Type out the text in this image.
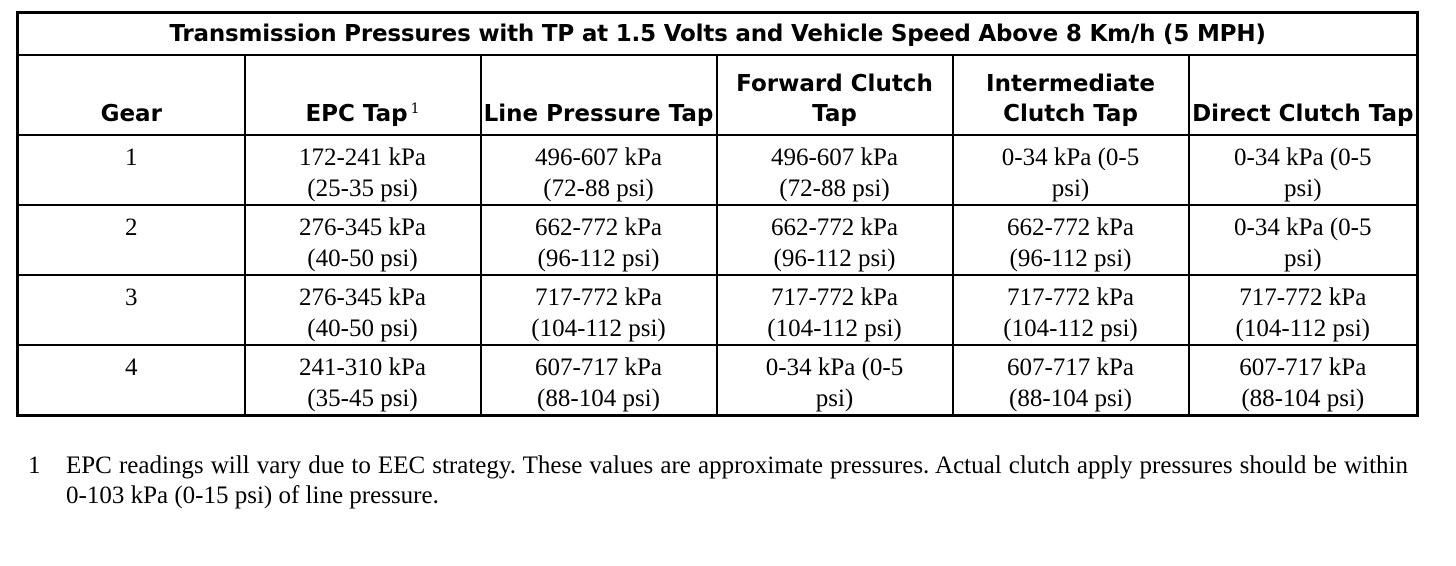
Transmission Pressures with TP at 1.5 Volts and Vehicle Speed Above 8 Km/h (5 MPH)					
Gear	EPC Tap $^1$	Line Pressure Tap	Forward Clutch Tap	Intermediate Clutch Tap	Direct Clutch Tap
1	172-241 kPa (25-35 psi)	496-607 kPa (72-88 psi)	496-607 kPa (72-88 psi)	0-34 kPa (0-5 psi)	0-34 kPa (0-5 psi)

2	276-345 kPa (40-50 psi)	662-772 kPa (96-112 psi)	662-772 kPa (96-112 psi)	662-772 kPa (96-112 psi)	0-34 kPa (0-5 psi)

3	276-345 kPa (40-50 psi)	717-772 kPa (104-112 psi)	717-772 kPa (104-112 psi)	717-772 kPa (104-112 psi)	717-772 kPa (104-112 psi)

4	241-310 kPa (35-45 psi)	607-717 kPa (88-104 psi)	0-34 kPa (0-5 psi)	607-717 kPa (88-104 psi)	607-717 kPa (88-104 psi)
1	EPC readings will vary due to EEC strategy. These values are approximate pressures. Actual clutch apply pressures should be within 0-103 kPa (0-15 psi) of line pressure.
